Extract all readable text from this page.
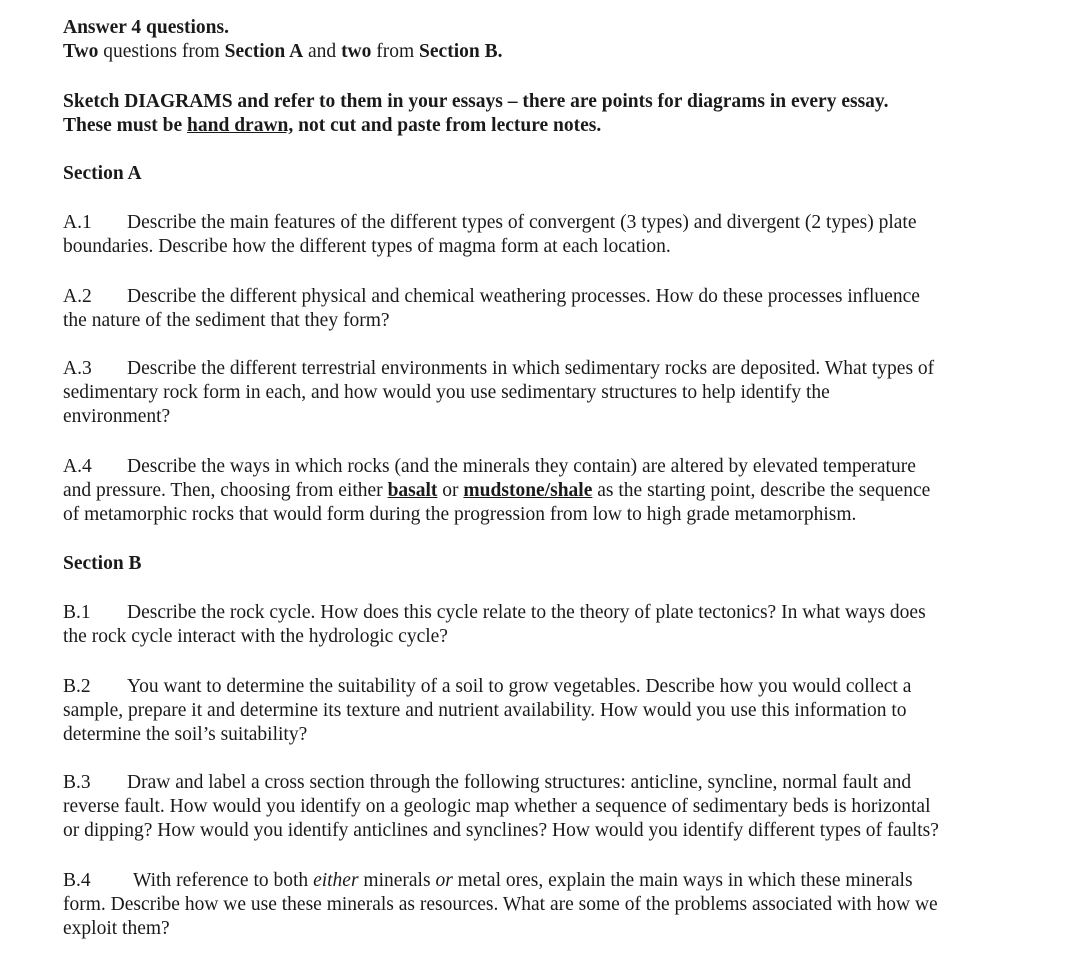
Answer 4 questions.
Two questions from Section A and two from Section B.
Sketch DIAGRAMS and refer to them in your essays – there are points for diagrams in every essay.
These must be hand drawn, not cut and paste from lecture notes.
Section A
A.1 Describe the main features of the different types of convergent (3 types) and divergent (2 types) plate
boundaries. Describe how the different types of magma form at each location.
A.2 Describe the different physical and chemical weathering processes. How do these processes influence
the nature of the sediment that they form?
A.3 Describe the different terrestrial environments in which sedimentary rocks are deposited. What types of
sedimentary rock form in each, and how would you use sedimentary structures to help identify the
environment?
A.4 Describe the ways in which rocks (and the minerals they contain) are altered by elevated temperature
and pressure. Then, choosing from either basalt or mudstone/shale as the starting point, describe the sequence
of metamorphic rocks that would form during the progression from low to high grade metamorphism.
Section B
B.1 Describe the rock cycle. How does this cycle relate to the theory of plate tectonics? In what ways does
the rock cycle interact with the hydrologic cycle?
B.2 You want to determine the suitability of a soil to grow vegetables. Describe how you would collect a
sample, prepare it and determine its texture and nutrient availability. How would you use this information to
determine the soil’s suitability?
B.3 Draw and label a cross section through the following structures: anticline, syncline, normal fault and
reverse fault. How would you identify on a geologic map whether a sequence of sedimentary beds is horizontal
or dipping? How would you identify anticlines and synclines? How would you identify different types of faults?
B.4 With reference to both either minerals or metal ores, explain the main ways in which these minerals
form. Describe how we use these minerals as resources. What are some of the problems associated with how we
exploit them?
